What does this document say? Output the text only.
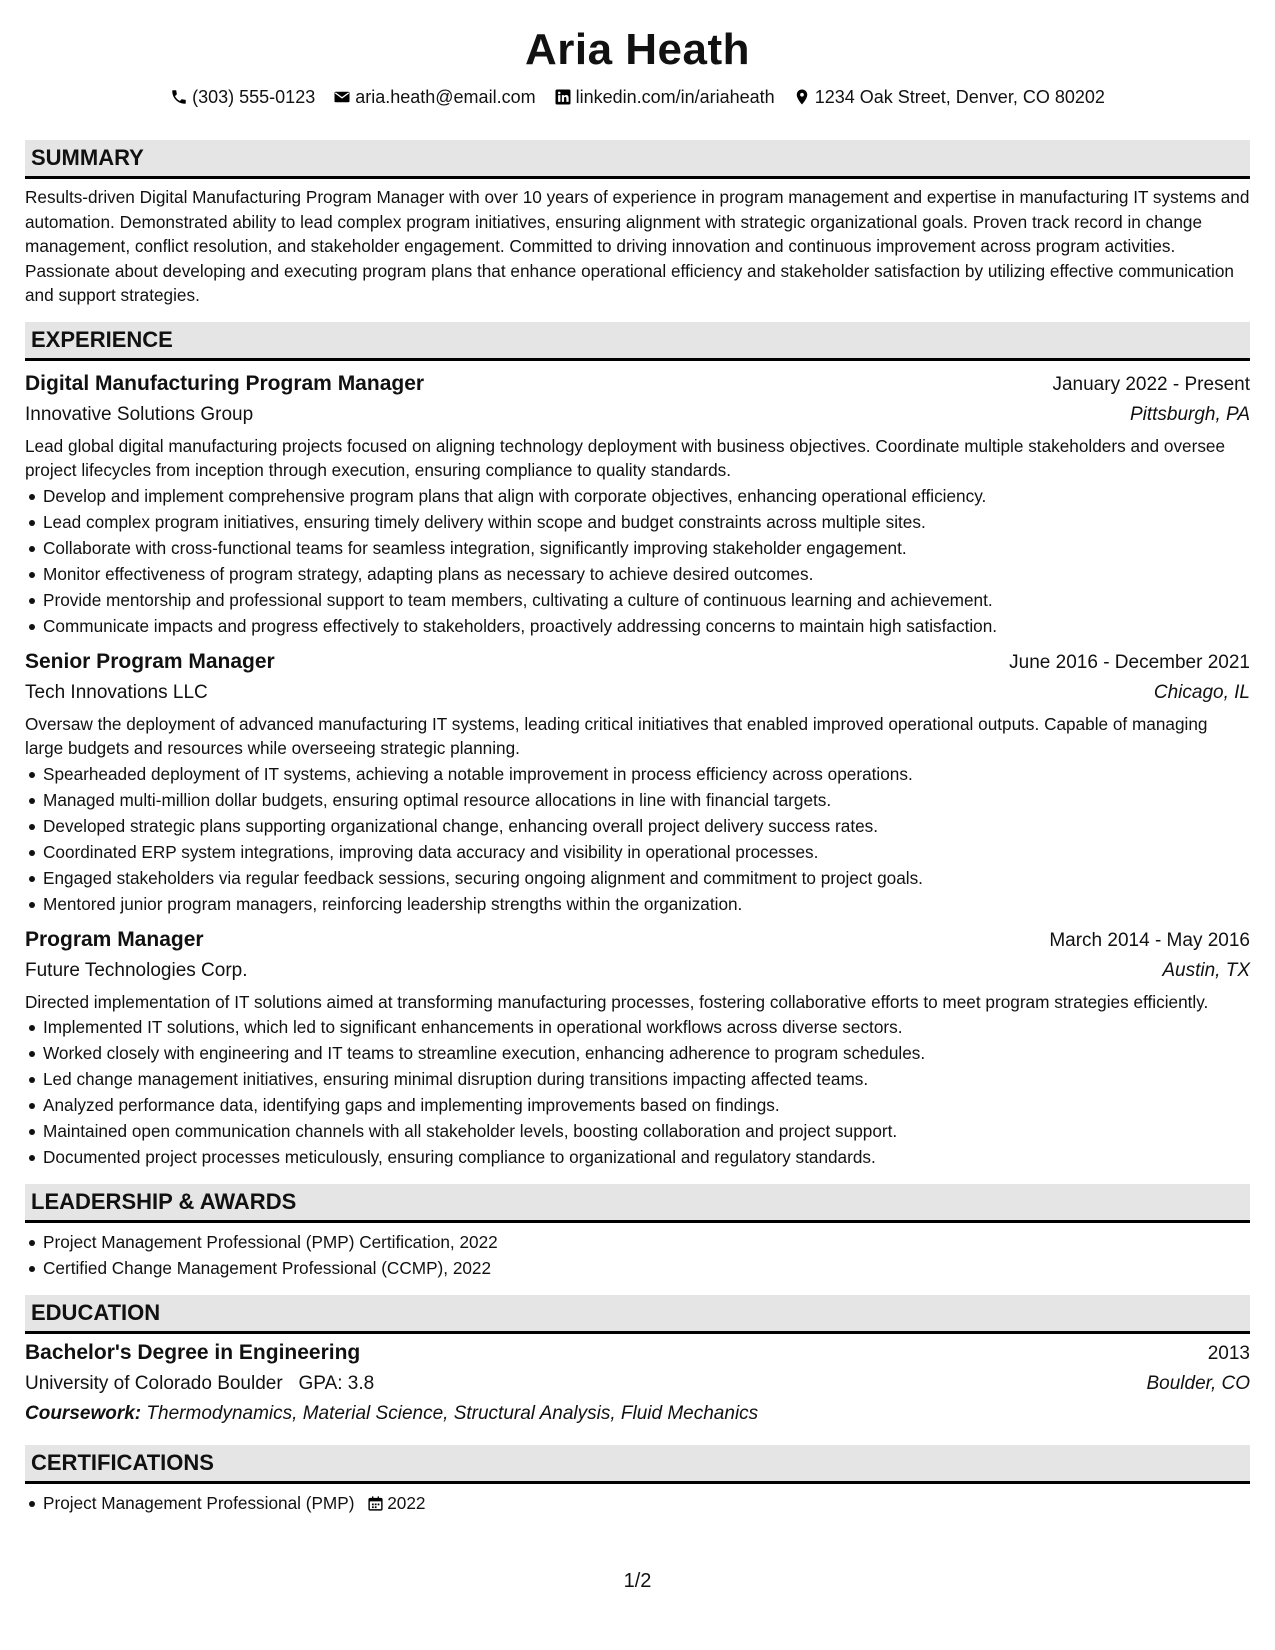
Aria Heath
(303) 555-0123 aria.heath@email.com linkedin.com/in/ariaheath 1234 Oak Street, Denver, CO 80202
SUMMARY

Results-driven Digital Manufacturing Program Manager with over 10 years of experience in program management and expertise in manufacturing IT systems and automation. Demonstrated ability to lead complex program initiatives, ensuring alignment with strategic organizational goals. Proven track record in change management, conflict resolution, and stakeholder engagement. Committed to driving innovation and continuous improvement across program activities. Passionate about developing and executing program plans that enhance operational efficiency and stakeholder satisfaction by utilizing effective communication and support strategies.

EXPERIENCE
Digital Manufacturing Program Manager	January 2022 - Present
Innovative Solutions Group	Pittsburgh, PA

Lead global digital manufacturing projects focused on aligning technology deployment with business objectives. Coordinate multiple stakeholders and oversee project lifecycles from inception through execution, ensuring compliance to quality standards.

Develop and implement comprehensive program plans that align with corporate objectives, enhancing operational efficiency.
Lead complex program initiatives, ensuring timely delivery within scope and budget constraints across multiple sites.
Collaborate with cross-functional teams for seamless integration, significantly improving stakeholder engagement.
Monitor effectiveness of program strategy, adapting plans as necessary to achieve desired outcomes.
Provide mentorship and professional support to team members, cultivating a culture of continuous learning and achievement.
Communicate impacts and progress effectively to stakeholders, proactively addressing concerns to maintain high satisfaction.
Senior Program Manager	June 2016 - December 2021
Tech Innovations LLC	Chicago, IL

Oversaw the deployment of advanced manufacturing IT systems, leading critical initiatives that enabled improved operational outputs. Capable of managing large budgets and resources while overseeing strategic planning.

Spearheaded deployment of IT systems, achieving a notable improvement in process efficiency across operations.
Managed multi-million dollar budgets, ensuring optimal resource allocations in line with financial targets.
Developed strategic plans supporting organizational change, enhancing overall project delivery success rates.
Coordinated ERP system integrations, improving data accuracy and visibility in operational processes.
Engaged stakeholders via regular feedback sessions, securing ongoing alignment and commitment to project goals.
Mentored junior program managers, reinforcing leadership strengths within the organization.
Program Manager	March 2014 - May 2016
Future Technologies Corp.	Austin, TX

Directed implementation of IT solutions aimed at transforming manufacturing processes, fostering collaborative efforts to meet program strategies efficiently.

Implemented IT solutions, which led to significant enhancements in operational workflows across diverse sectors.
Worked closely with engineering and IT teams to streamline execution, enhancing adherence to program schedules.
Led change management initiatives, ensuring minimal disruption during transitions impacting affected teams.
Analyzed performance data, identifying gaps and implementing improvements based on findings.
Maintained open communication channels with all stakeholder levels, boosting collaboration and project support.
Documented project processes meticulously, ensuring compliance to organizational and regulatory standards.
LEADERSHIP & AWARDS
Project Management Professional (PMP) Certification, 2022
Certified Change Management Professional (CCMP), 2022
EDUCATION
Bachelor's Degree in Engineering	2013
University of Colorado Boulder GPA: 3.8	Boulder, CO
Coursework: Thermodynamics, Material Science, Structural Analysis, Fluid Mechanics
CERTIFICATIONS
Project Management Professional (PMP) 2022
1/2
